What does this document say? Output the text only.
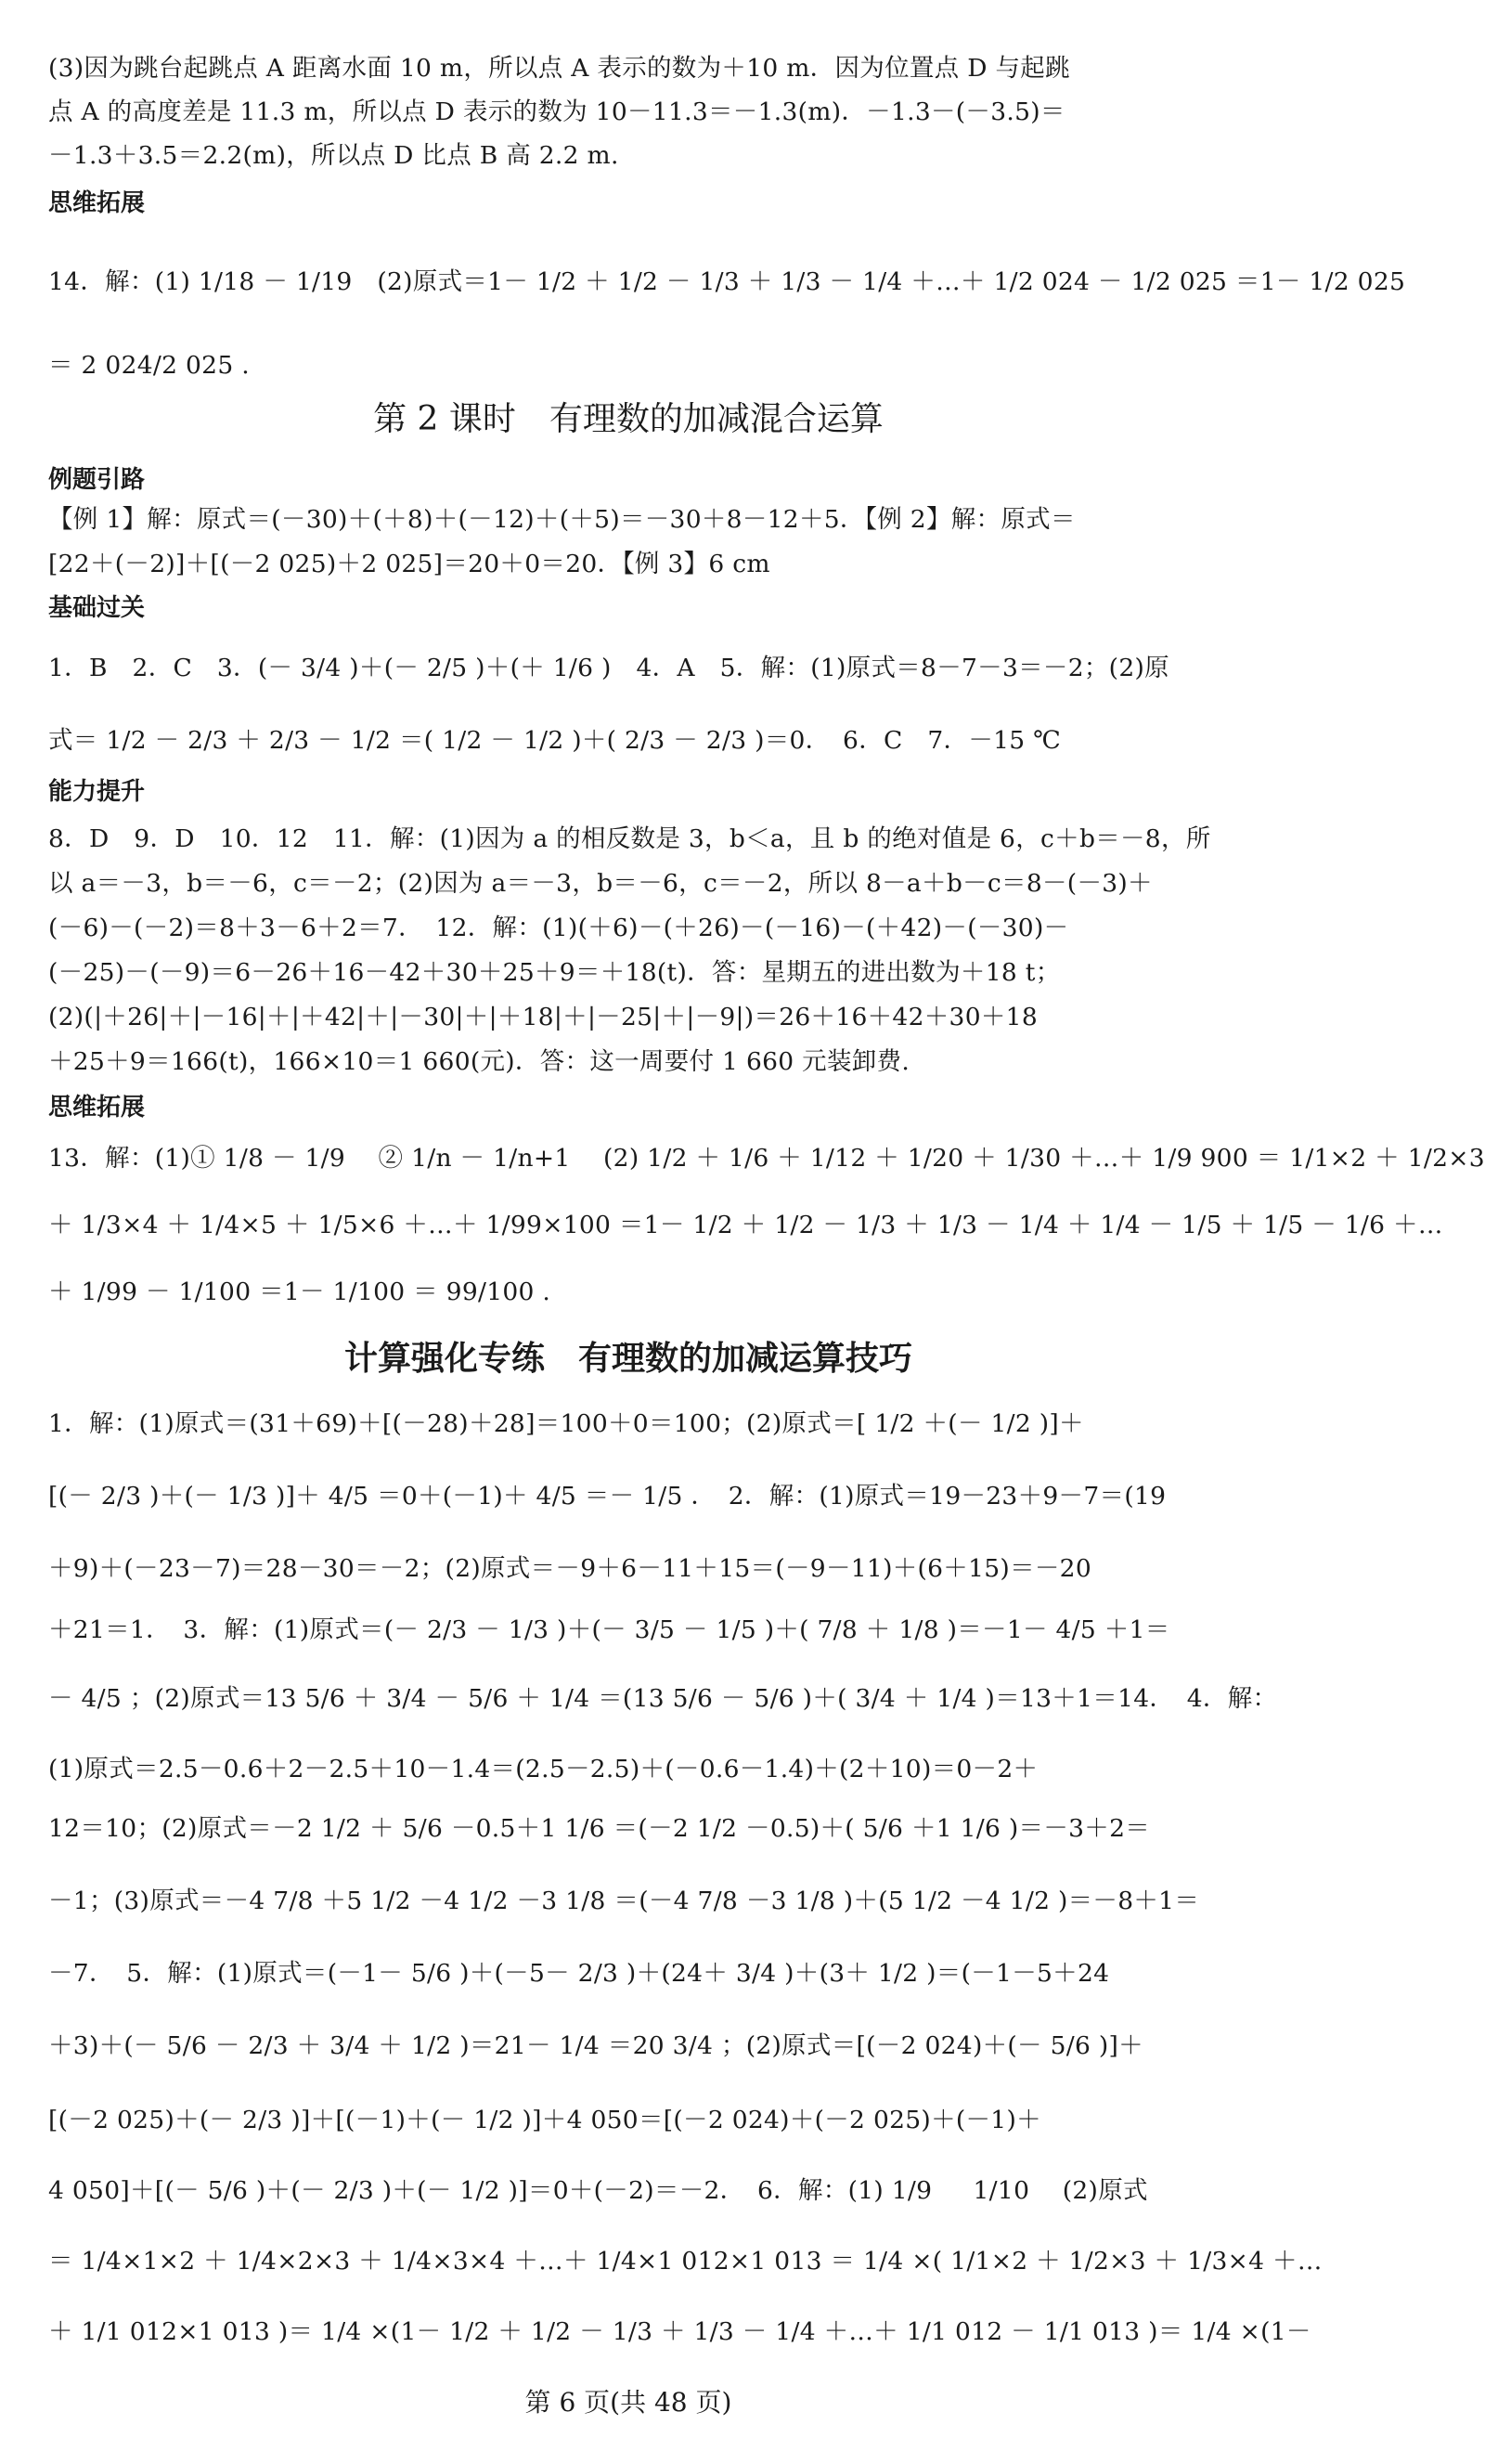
(3)因为跳台起跳点 A 距离水面 10 m，所以点 A 表示的数为＋10 m．因为位置点 D 与起跳
点 A 的高度差是 11.3 m，所以点 D 表示的数为 10－11.3＝－1.3(m)．－1.3－(－3.5)＝
－1.3＋3.5＝2.2(m)，所以点 D 比点 B 高 2.2 m.
思维拓展
14．解：(1) 1/18 － 1/19　(2)原式＝1－ 1/2 ＋ 1/2 － 1/3 ＋ 1/3 － 1/4 ＋…＋ 1/2 024 － 1/2 025 ＝1－ 1/2 025
＝ 2 024/2 025 .
第 2 课时　有理数的加减混合运算
例题引路
【例 1】解：原式＝(－30)＋(＋8)＋(－12)＋(＋5)＝－30＋8－12＋5．【例 2】解：原式＝
[22＋(－2)]＋[(－2 025)＋2 025]＝20＋0＝20．【例 3】6 cm
基础过关
1．B　2．C　3．(－ 3/4 )＋(－ 2/5 )＋(＋ 1/6 )　4．A　5．解：(1)原式＝8－7－3＝－2；(2)原
式＝ 1/2 － 2/3 ＋ 2/3 － 1/2 ＝( 1/2 － 1/2 )＋( 2/3 － 2/3 )＝0．　6．C　7．－15 ℃
能力提升
8．D　9．D　10．12　11．解：(1)因为 a 的相反数是 3，b＜a，且 b 的绝对值是 6，c＋b＝－8，所
以 a＝－3，b＝－6，c＝－2；(2)因为 a＝－3，b＝－6，c＝－2，所以 8－a＋b－c＝8－(－3)＋
(－6)－(－2)＝8＋3－6＋2＝7．　12．解：(1)(＋6)－(＋26)－(－16)－(＋42)－(－30)－
(－25)－(－9)＝6－26＋16－42＋30＋25＋9＝＋18(t)．答：星期五的进出数为＋18 t；
(2)(|＋26|＋|－16|＋|＋42|＋|－30|＋|＋18|＋|－25|＋|－9|)＝26＋16＋42＋30＋18
＋25＋9＝166(t)，166×10＝1 660(元)．答：这一周要付 1 660 元装卸费.
思维拓展
13．解：(1)① 1/8 － 1/9 　② 1/n － 1/n+1 　(2) 1/2 ＋ 1/6 ＋ 1/12 ＋ 1/20 ＋ 1/30 ＋…＋ 1/9 900 ＝ 1/1×2 ＋ 1/2×3
＋ 1/3×4 ＋ 1/4×5 ＋ 1/5×6 ＋…＋ 1/99×100 ＝1－ 1/2 ＋ 1/2 － 1/3 ＋ 1/3 － 1/4 ＋ 1/4 － 1/5 ＋ 1/5 － 1/6 ＋…
＋ 1/99 － 1/100 ＝1－ 1/100 ＝ 99/100 .
计算强化专练　有理数的加减运算技巧
1．解：(1)原式＝(31＋69)＋[(－28)＋28]＝100＋0＝100；(2)原式＝[ 1/2 ＋(－ 1/2 )]＋
[(－ 2/3 )＋(－ 1/3 )]＋ 4/5 ＝0＋(－1)＋ 4/5 ＝－ 1/5 ．　2．解：(1)原式＝19－23＋9－7＝(19
＋9)＋(－23－7)＝28－30＝－2；(2)原式＝－9＋6－11＋15＝(－9－11)＋(6＋15)＝－20
＋21＝1．　3．解：(1)原式＝(－ 2/3 － 1/3 )＋(－ 3/5 － 1/5 )＋( 7/8 ＋ 1/8 )＝－1－ 4/5 ＋1＝
－ 4/5 ；(2)原式＝13 5/6 ＋ 3/4 － 5/6 ＋ 1/4 ＝(13 5/6 － 5/6 )＋( 3/4 ＋ 1/4 )＝13＋1＝14．　4．解：
(1)原式＝2.5－0.6＋2－2.5＋10－1.4＝(2.5－2.5)＋(－0.6－1.4)＋(2＋10)＝0－2＋
12＝10；(2)原式＝－2 1/2 ＋ 5/6 －0.5＋1 1/6 ＝(－2 1/2 －0.5)＋( 5/6 ＋1 1/6 )＝－3＋2＝
－1；(3)原式＝－4 7/8 ＋5 1/2 －4 1/2 －3 1/8 ＝(－4 7/8 －3 1/8 )＋(5 1/2 －4 1/2 )＝－8＋1＝
－7．　5．解：(1)原式＝(－1－ 5/6 )＋(－5－ 2/3 )＋(24＋ 3/4 )＋(3＋ 1/2 )＝(－1－5＋24
＋3)＋(－ 5/6 － 2/3 ＋ 3/4 ＋ 1/2 )＝21－ 1/4 ＝20 3/4 ；(2)原式＝[(－2 024)＋(－ 5/6 )]＋
[(－2 025)＋(－ 2/3 )]＋[(－1)＋(－ 1/2 )]＋4 050＝[(－2 024)＋(－2 025)＋(－1)＋
4 050]＋[(－ 5/6 )＋(－ 2/3 )＋(－ 1/2 )]＝0＋(－2)＝－2．　6．解：(1) 1/9 　 1/10 　(2)原式
＝ 1/4×1×2 ＋ 1/4×2×3 ＋ 1/4×3×4 ＋…＋ 1/4×1 012×1 013 ＝ 1/4 ×( 1/1×2 ＋ 1/2×3 ＋ 1/3×4 ＋…
＋ 1/1 012×1 013 )＝ 1/4 ×(1－ 1/2 ＋ 1/2 － 1/3 ＋ 1/3 － 1/4 ＋…＋ 1/1 012 － 1/1 013 )＝ 1/4 ×(1－
第 6 页(共 48 页)
